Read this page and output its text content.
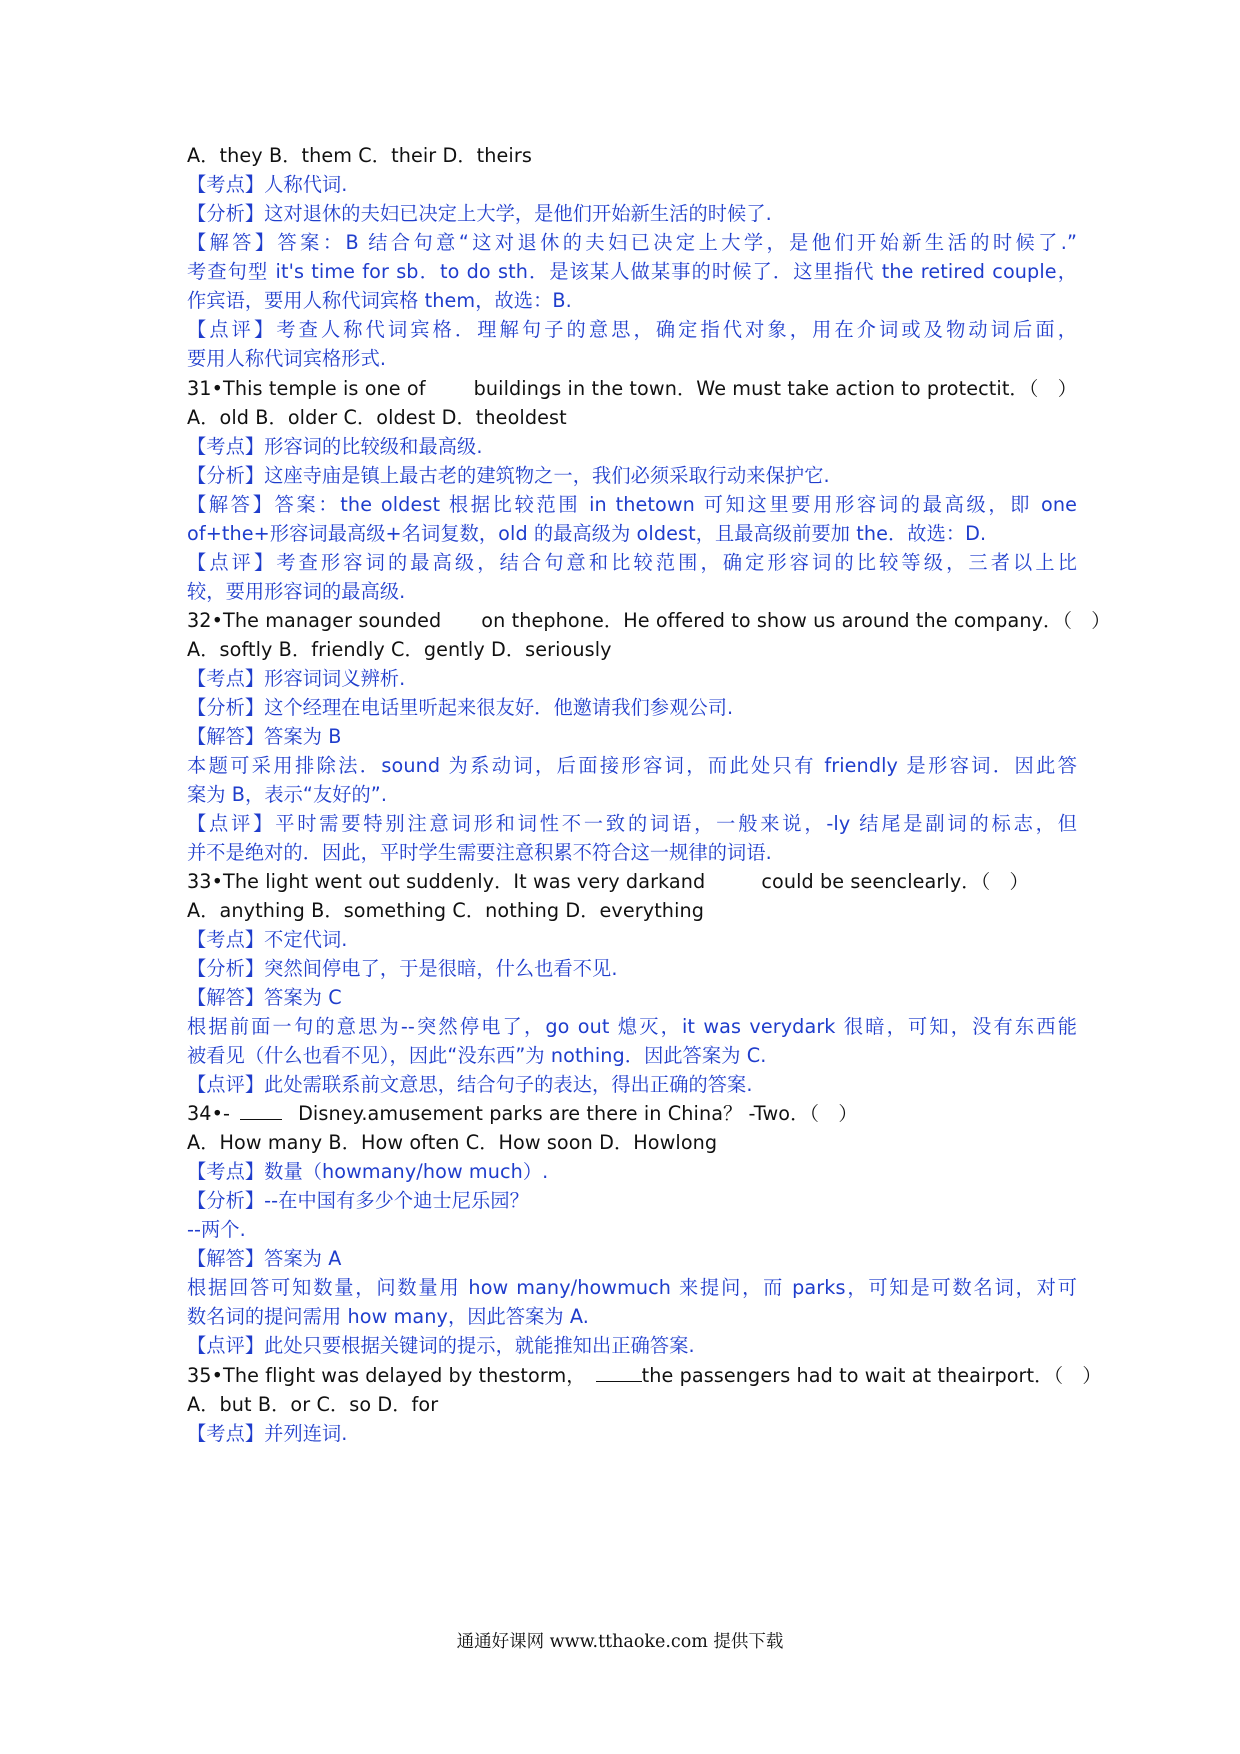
A．they B．them C．their D．theirs
【考点】人称代词.
【分析】这对退休的夫妇已决定上大学，是他们开始新生活的时候了.
【解答】答案：B 结合句意“这对退休的夫妇已决定上大学，是他们开始新生活的时候了.”
考查句型 it's time for sb．to do sth．是该某人做某事的时候了．这里指代 the retired couple，
作宾语，要用人称代词宾格 them，故选：B.
【点评】考查人称代词宾格．理解句子的意思，确定指代对象，用在介词或及物动词后面，
要用人称代词宾格形式.
31•This temple is one of	buildings in the town．We must take action to protectit．（　）
A．old B．older C．oldest D．theoldest
【考点】形容词的比较级和最高级.
【分析】这座寺庙是镇上最古老的建筑物之一，我们必须采取行动来保护它.
【解答】答案：the oldest 根据比较范围 in thetown 可知这里要用形容词的最高级，即 one
of+the+形容词最高级+名词复数，old 的最高级为 oldest，且最高级前要加 the．故选：D.
【点评】考查形容词的最高级，结合句意和比较范围，确定形容词的比较等级，三者以上比
较，要用形容词的最高级.
32•The manager sounded on thephone．He offered to show us around the company．（　）
A．softly B．friendly C．gently D．seriously
【考点】形容词词义辨析.
【分析】这个经理在电话里听起来很友好．他邀请我们参观公司.
【解答】答案为 B
本题可采用排除法．sound 为系动词，后面接形容词，而此处只有 friendly 是形容词．因此答
案为 B，表示“友好的”.
【点评】平时需要特别注意词形和词性不一致的词语，一般来说，-ly 结尾是副词的标志，但
并不是绝对的．因此，平时学生需要注意积累不符合这一规律的词语.
33•The light went out suddenly．It was very darkand	could be seenclearly．（　）
A．anything B．something C．nothing D．everything
【考点】不定代词.
【分析】突然间停电了，于是很暗，什么也看不见.
【解答】答案为 C
根据前面一句的意思为--突然停电了，go out 熄灭，it was verydark 很暗，可知，没有东西能
被看见（什么也看不见），因此“没东西”为 nothing．因此答案为 C.
【点评】此处需联系前文意思，结合句子的表达，得出正确的答案.
34•-	Disney.amusement parks are there in China？ -Two．（　）
A．How many B．How often C．How soon D．Howlong
【考点】数量（howmany/how much）.
【分析】--在中国有多少个迪士尼乐园？
--两个.
【解答】答案为 A
根据回答可知数量，问数量用 how many/howmuch 来提问，而 parks，可知是可数名词，对可
数名词的提问需用 how many，因此答案为 A.
【点评】此处只要根据关键词的提示，就能推知出正确答案.
35•The flight was delayed by thestorm，	the passengers had to wait at theairport．（　）
A．but B．or C．so D．for
【考点】并列连词.
通通好课网 www.tthaoke.com 提供下载
